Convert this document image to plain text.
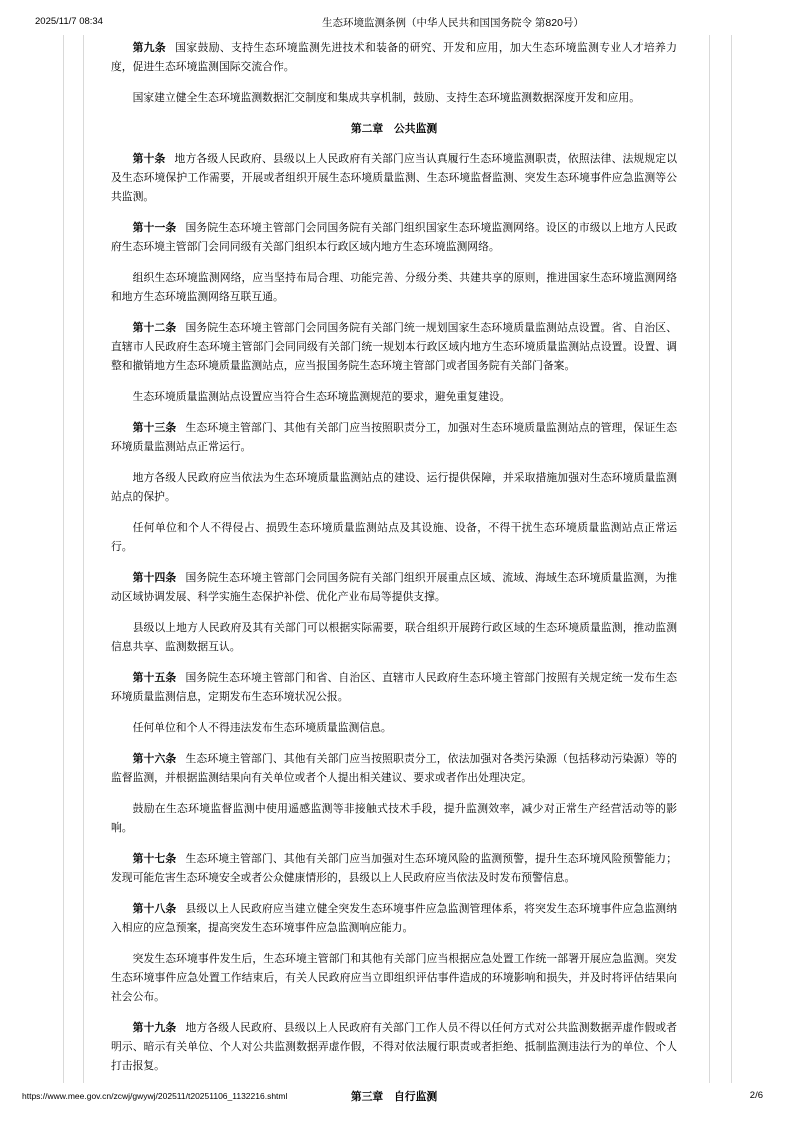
2025/11/7 08:34	生态环境监测条例（中华人民共和国国务院令 第820号）

第九条 国家鼓励、支持生态环境监测先进技术和装备的研究、开发和应用，加大生态环境监测专业人才培养力度，促进生态环境监测国际交流合作。

国家建立健全生态环境监测数据汇交制度和集成共享机制，鼓励、支持生态环境监测数据深度开发和应用。

第二章　公共监测

第十条 地方各级人民政府、县级以上人民政府有关部门应当认真履行生态环境监测职责，依照法律、法规规定以及生态环境保护工作需要，开展或者组织开展生态环境质量监测、生态环境监督监测、突发生态环境事件应急监测等公共监测。

第十一条 国务院生态环境主管部门会同国务院有关部门组织国家生态环境监测网络。设区的市级以上地方人民政府生态环境主管部门会同同级有关部门组织本行政区域内地方生态环境监测网络。

组织生态环境监测网络，应当坚持布局合理、功能完善、分级分类、共建共享的原则，推进国家生态环境监测网络和地方生态环境监测网络互联互通。

第十二条 国务院生态环境主管部门会同国务院有关部门统一规划国家生态环境质量监测站点设置。省、自治区、直辖市人民政府生态环境主管部门会同同级有关部门统一规划本行政区域内地方生态环境质量监测站点设置。设置、调整和撤销地方生态环境质量监测站点，应当报国务院生态环境主管部门或者国务院有关部门备案。

生态环境质量监测站点设置应当符合生态环境监测规范的要求，避免重复建设。

第十三条 生态环境主管部门、其他有关部门应当按照职责分工，加强对生态环境质量监测站点的管理，保证生态环境质量监测站点正常运行。

地方各级人民政府应当依法为生态环境质量监测站点的建设、运行提供保障，并采取措施加强对生态环境质量监测站点的保护。

任何单位和个人不得侵占、损毁生态环境质量监测站点及其设施、设备，不得干扰生态环境质量监测站点正常运行。

第十四条 国务院生态环境主管部门会同国务院有关部门组织开展重点区域、流域、海域生态环境质量监测，为推动区域协调发展、科学实施生态保护补偿、优化产业布局等提供支撑。

县级以上地方人民政府及其有关部门可以根据实际需要，联合组织开展跨行政区域的生态环境质量监测，推动监测信息共享、监测数据互认。

第十五条 国务院生态环境主管部门和省、自治区、直辖市人民政府生态环境主管部门按照有关规定统一发布生态环境质量监测信息，定期发布生态环境状况公报。

任何单位和个人不得违法发布生态环境质量监测信息。

第十六条 生态环境主管部门、其他有关部门应当按照职责分工，依法加强对各类污染源（包括移动污染源）等的监督监测，并根据监测结果向有关单位或者个人提出相关建议、要求或者作出处理决定。

鼓励在生态环境监督监测中使用遥感监测等非接触式技术手段，提升监测效率，减少对正常生产经营活动等的影响。

第十七条 生态环境主管部门、其他有关部门应当加强对生态环境风险的监测预警，提升生态环境风险预警能力；发现可能危害生态环境安全或者公众健康情形的，县级以上人民政府应当依法及时发布预警信息。

第十八条 县级以上人民政府应当建立健全突发生态环境事件应急监测管理体系，将突发生态环境事件应急监测纳入相应的应急预案，提高突发生态环境事件应急监测响应能力。

突发生态环境事件发生后，生态环境主管部门和其他有关部门应当根据应急处置工作统一部署开展应急监测。突发生态环境事件应急处置工作结束后，有关人民政府应当立即组织评估事件造成的环境影响和损失，并及时将评估结果向社会公布。

第十九条 地方各级人民政府、县级以上人民政府有关部门工作人员不得以任何方式对公共监测数据弄虚作假或者明示、暗示有关单位、个人对公共监测数据弄虚作假，不得对依法履行职责或者拒绝、抵制监测违法行为的单位、个人打击报复。

第三章　自行监测
https://www.mee.gov.cn/zcwj/gwywj/202511/t20251106_1132216.shtml	2/6
